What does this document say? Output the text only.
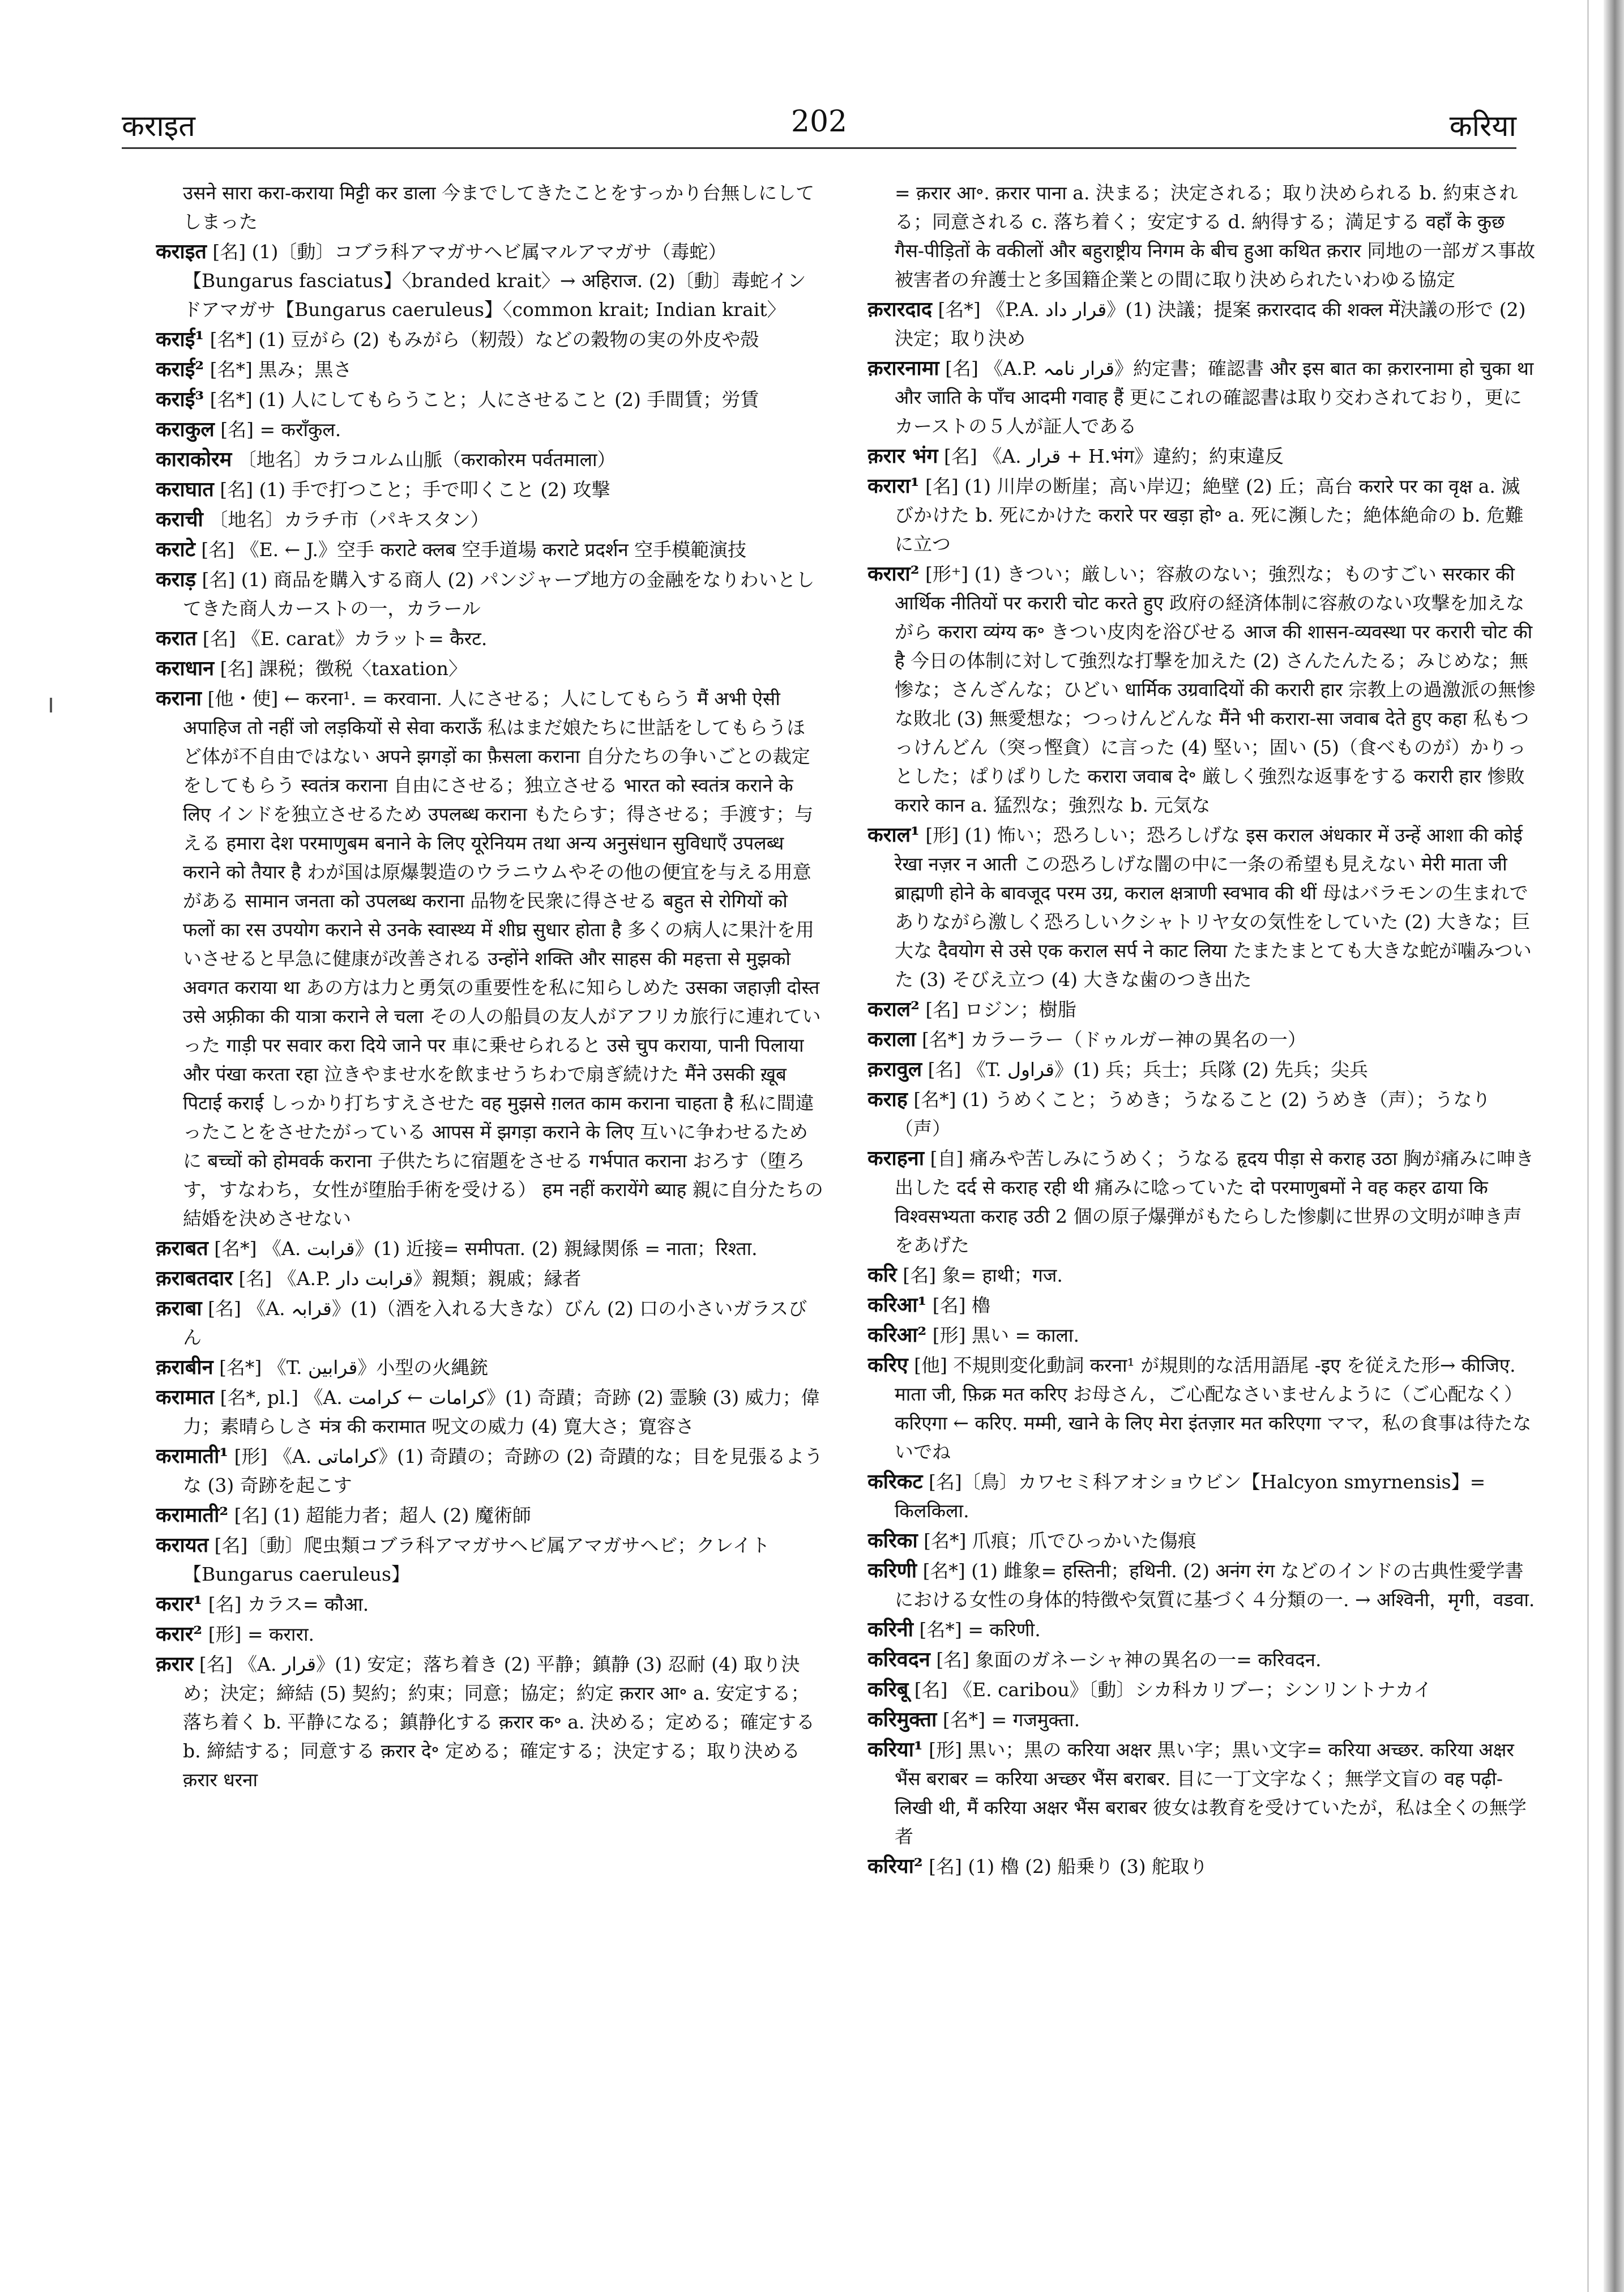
202
कराइत	करिया
उसने सारा करा-कराया मिट्टी कर डाला 今までしてきたことをすっかり台無しにしてしまった
कराइत [名] (1)〔動〕コブラ科アマガサヘビ属マルアマガサ（毒蛇）【Bungarus fasciatus】〈branded krait〉→ अहिराज. (2)〔動〕毒蛇インドアマガサ【Bungarus caeruleus】〈common krait; Indian krait〉
कराई¹ [名*] (1) 豆がら (2) もみがら（籾殻）などの穀物の実の外皮や殻
कराई² [名*] 黒み；黒さ
कराई³ [名*] (1) 人にしてもらうこと；人にさせること (2) 手間賃；労賃
कराकुल [名] = कराँकुल.
काराकोरम 〔地名〕カラコルム山脈（कराकोरम पर्वतमाला）
कराघात [名] (1) 手で打つこと；手で叩くこと (2) 攻撃
कराची 〔地名〕カラチ市（パキスタン）
कराटे [名] 《E. ← J.》空手 कराटे क्लब 空手道場 कराटे प्रदर्शन 空手模範演技
कराड़ [名] (1) 商品を購入する商人 (2) パンジャーブ地方の金融をなりわいとしてきた商人カーストの一，カラール
करात [名] 《E. carat》カラット= कैरट.
कराधान [名] 課税；徴税〈taxation〉
कराना [他・使] ← करना¹. = करवाना. 人にさせる；人にしてもらう मैं अभी ऐसी अपाहिज तो नहीं जो लड़कियों से सेवा कराऊँ 私はまだ娘たちに世話をしてもらうほど体が不自由ではない अपने झगड़ों का फ़ैसला कराना 自分たちの争いごとの裁定をしてもらう स्वतंत्र कराना 自由にさせる；独立させる भारत को स्वतंत्र कराने के लिए インドを独立させるため उपलब्ध कराना もたらす；得させる；手渡す；与える हमारा देश परमाणुबम बनाने के लिए यूरेनियम तथा अन्य अनुसंधान सुविधाएँ उपलब्ध कराने को तैयार है わが国は原爆製造のウラニウムやその他の便宜を与える用意がある सामान जनता को उपलब्ध कराना 品物を民衆に得させる बहुत से रोगियों को फलों का रस उपयोग कराने से उनके स्वास्थ्य में शीघ्र सुधार होता है 多くの病人に果汁を用いさせると早急に健康が改善される उन्होंने शक्ति और साहस की महत्ता से मुझको अवगत कराया था あの方は力と勇気の重要性を私に知らしめた उसका जहाज़ी दोस्त उसे अफ़्रीका की यात्रा कराने ले चला その人の船員の友人がアフリカ旅行に連れていった गाड़ी पर सवार करा दिये जाने पर 車に乗せられると उसे चुप कराया, पानी पिलाया और पंखा करता रहा 泣きやませ水を飲ませうちわで扇ぎ続けた मैंने उसकी ख़ूब पिटाई कराई しっかり打ちすえさせた वह मुझसे ग़लत काम कराना चाहता है 私に間違ったことをさせたがっている आपस में झगड़ा कराने के लिए 互いに争わせるために बच्चों को होमवर्क कराना 子供たちに宿題をさせる गर्भपात कराना おろす（堕ろす，すなわち，女性が堕胎手術を受ける） हम नहीं करायेंगे ब्याह 親に自分たちの結婚を決めさせない
क़राबत [名*] 《A. قرابت》(1) 近接= समीपता. (2) 親縁関係 = नाता；रिश्ता.
क़राबतदार [名] 《A.P. قرابت دار》親類；親戚；縁者
क़राबा [名] 《A. قرابہ》(1)（酒を入れる大きな）びん (2) 口の小さいガラスびん
क़राबीन [名*] 《T. قرابين》小型の火縄銃
करामात [名*, pl.] 《A. کرامات ← کرامت》(1) 奇蹟；奇跡 (2) 霊験 (3) 威力；偉力；素晴らしさ मंत्र की करामात 呪文の威力 (4) 寛大さ；寛容さ
करामाती¹ [形] 《A. کراماتی》(1) 奇蹟の；奇跡の (2) 奇蹟的な；目を見張るような (3) 奇跡を起こす
करामाती² [名] (1) 超能力者；超人 (2) 魔術師
करायत [名]〔動〕爬虫類コブラ科アマガサヘビ属アマガサヘビ；クレイト【Bungarus caeruleus】
करार¹ [名] カラス= कौआ.
करार² [形] = करारा.
क़रार [名] 《A. قرار》(1) 安定；落ち着き (2) 平静；鎮静 (3) 忍耐 (4) 取り決め；決定；締結 (5) 契約；約束；同意；協定；約定 क़रार आ॰ a. 安定する；落ち着く b. 平静になる；鎮静化する क़रार क॰ a. 決める；定める；確定する b. 締結する；同意する क़रार दे॰ 定める；確定する；決定する；取り決める क़रार धरना
= क़रार आ॰. क़रार पाना a. 決まる；決定される；取り決められる b. 約束される；同意される c. 落ち着く；安定する d. 納得する；満足する वहाँ के कुछ गैस-पीड़ितों के वकीलों और बहुराष्ट्रीय निगम के बीच हुआ कथित क़रार 同地の一部ガス事故被害者の弁護士と多国籍企業との間に取り決められたいわゆる協定
क़रारदाद [名*] 《P.A. قرار داد》(1) 決議；提案 क़रारदाद की शक्ल में決議の形で (2) 決定；取り決め
क़रारनामा [名] 《A.P. قرار نامہ》約定書；確認書 और इस बात का क़रारनामा हो चुका था और जाति के पाँच आदमी गवाह हैं 更にこれの確認書は取り交わされており，更にカーストの５人が証人である
क़रार भंग [名] 《A. قرار + H.भंग》違約；約束違反
करारा¹ [名] (1) 川岸の断崖；高い岸辺；絶壁 (2) 丘；高台 करारे पर का वृक्ष a. 滅びかけた b. 死にかけた करारे पर खड़ा हो॰ a. 死に瀕した；絶体絶命の b. 危難に立つ
करारा² [形⁺] (1) きつい；厳しい；容赦のない；強烈な；ものすごい सरकार की आर्थिक नीतियों पर करारी चोट करते हुए 政府の経済体制に容赦のない攻撃を加えながら करारा व्यंग्य क॰ きつい皮肉を浴びせる आज की शासन-व्यवस्था पर करारी चोट की है 今日の体制に対して強烈な打撃を加えた (2) さんたんたる；みじめな；無惨な；さんざんな；ひどい धार्मिक उग्रवादियों की करारी हार 宗教上の過激派の無惨な敗北 (3) 無愛想な；つっけんどんな मैंने भी करारा-सा जवाब देते हुए कहा 私もつっけんどん（突っ慳貪）に言った (4) 堅い；固い (5)（食べものが）かりっとした；ぱりぱりした करारा जवाब दे॰ 厳しく強烈な返事をする करारी हार 惨敗 करारे कान a. 猛烈な；強烈な b. 元気な
कराल¹ [形] (1) 怖い；恐ろしい；恐ろしげな इस कराल अंधकार में उन्हें आशा की कोई रेखा नज़र न आती この恐ろしげな闇の中に一条の希望も見えない मेरी माता जी ब्राह्मणी होने के बावजूद परम उग्र, कराल क्षत्राणी स्वभाव की थीं 母はバラモンの生まれでありながら激しく恐ろしいクシャトリヤ女の気性をしていた (2) 大きな；巨大な दैवयोग से उसे एक कराल सर्प ने काट लिया たまたまとても大きな蛇が噛みついた (3) そびえ立つ (4) 大きな歯のつき出た
कराल² [名] ロジン；樹脂
कराला [名*] カラーラー（ドゥルガー神の異名の一）
क़रावुल [名] 《T. قراول》(1) 兵；兵士；兵隊 (2) 先兵；尖兵
कराह [名*] (1) うめくこと；うめき；うなること (2) うめき（声）；うなり（声）
कराहना [自] 痛みや苦しみにうめく；うなる हृदय पीड़ा से कराह उठा 胸が痛みに呻き出した दर्द से कराह रही थी 痛みに唸っていた दो परमाणुबमों ने वह कहर ढाया कि विश्वसभ्यता कराह उठी 2 個の原子爆弾がもたらした惨劇に世界の文明が呻き声をあげた
करि [名] 象= हाथी；गज.
करिआ¹ [名] 櫓
करिआ² [形] 黒い = काला.
करिए [他] 不規則変化動詞 करना¹ が規則的な活用語尾 -इए を従えた形→ कीजिए. माता जी, फ़िक्र मत करिए お母さん，ご心配なさいませんように（ご心配なく） करिएगा ← करिए. मम्मी, खाने के लिए मेरा इंतज़ार मत करिएगा ママ，私の食事は待たないでね
करिकट [名]〔鳥〕カワセミ科アオショウビン【Halcyon smyrnensis】= किलकिला.
करिका [名*] 爪痕；爪でひっかいた傷痕
करिणी [名*] (1) 雌象= हस्तिनी；हथिनी. (2) अनंग रंग などのインドの古典性愛学書における女性の身体的特徴や気質に基づく４分類の一. → अश्विनी，मृगी，वडवा.
करिनी [名*] = करिणी.
करिवदन [名] 象面のガネーシャ神の異名の一= करिवदन.
करिबू [名] 《E. caribou》〔動〕シカ科カリブー；シンリントナカイ
करिमुक्ता [名*] = गजमुक्ता.
करिया¹ [形] 黒い；黒の करिया अक्षर 黒い字；黒い文字= करिया अच्छर. करिया अक्षर भैंस बराबर = करिया अच्छर भैंस बराबर. 目に一丁文字なく；無学文盲の वह पढ़ी-लिखी थी, मैं करिया अक्षर भैंस बराबर 彼女は教育を受けていたが，私は全くの無学者
करिया² [名] (1) 櫓 (2) 船乗り (3) 舵取り
